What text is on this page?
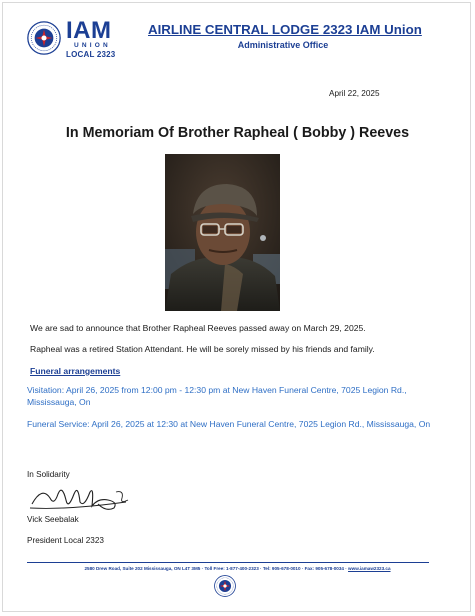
IAM
UNION
LOCAL 2323
AIRLINE CENTRAL LODGE 2323 IAM Union
Administrative Office
April 22, 2025
In Memoriam Of Brother Rapheal ( Bobby ) Reeves
We are sad to announce that Brother Rapheal Reeves passed away on March 29, 2025.
Rapheal was a retired Station Attendant. He will be sorely missed by his friends and family.
Funeral arrangements
Visitation: April 26, 2025 from 12:00 pm - 12:30 pm at New Haven Funeral Centre, 7025 Legion Rd., Mississauga, On
Funeral Service: April 26, 2025 at 12:30 at New Haven Funeral Centre, 7025 Legion Rd., Mississauga, On
In Solidarity
Vick Seebalak
President Local 2323
2580 Drew Road, Suite 202 Mississauga, ON L4T 3M5 · Toll Free: 1-877-400-2323 · Tel: 905-678-0010 · Fax: 905-678-0034 · www.iamaw2323.ca
